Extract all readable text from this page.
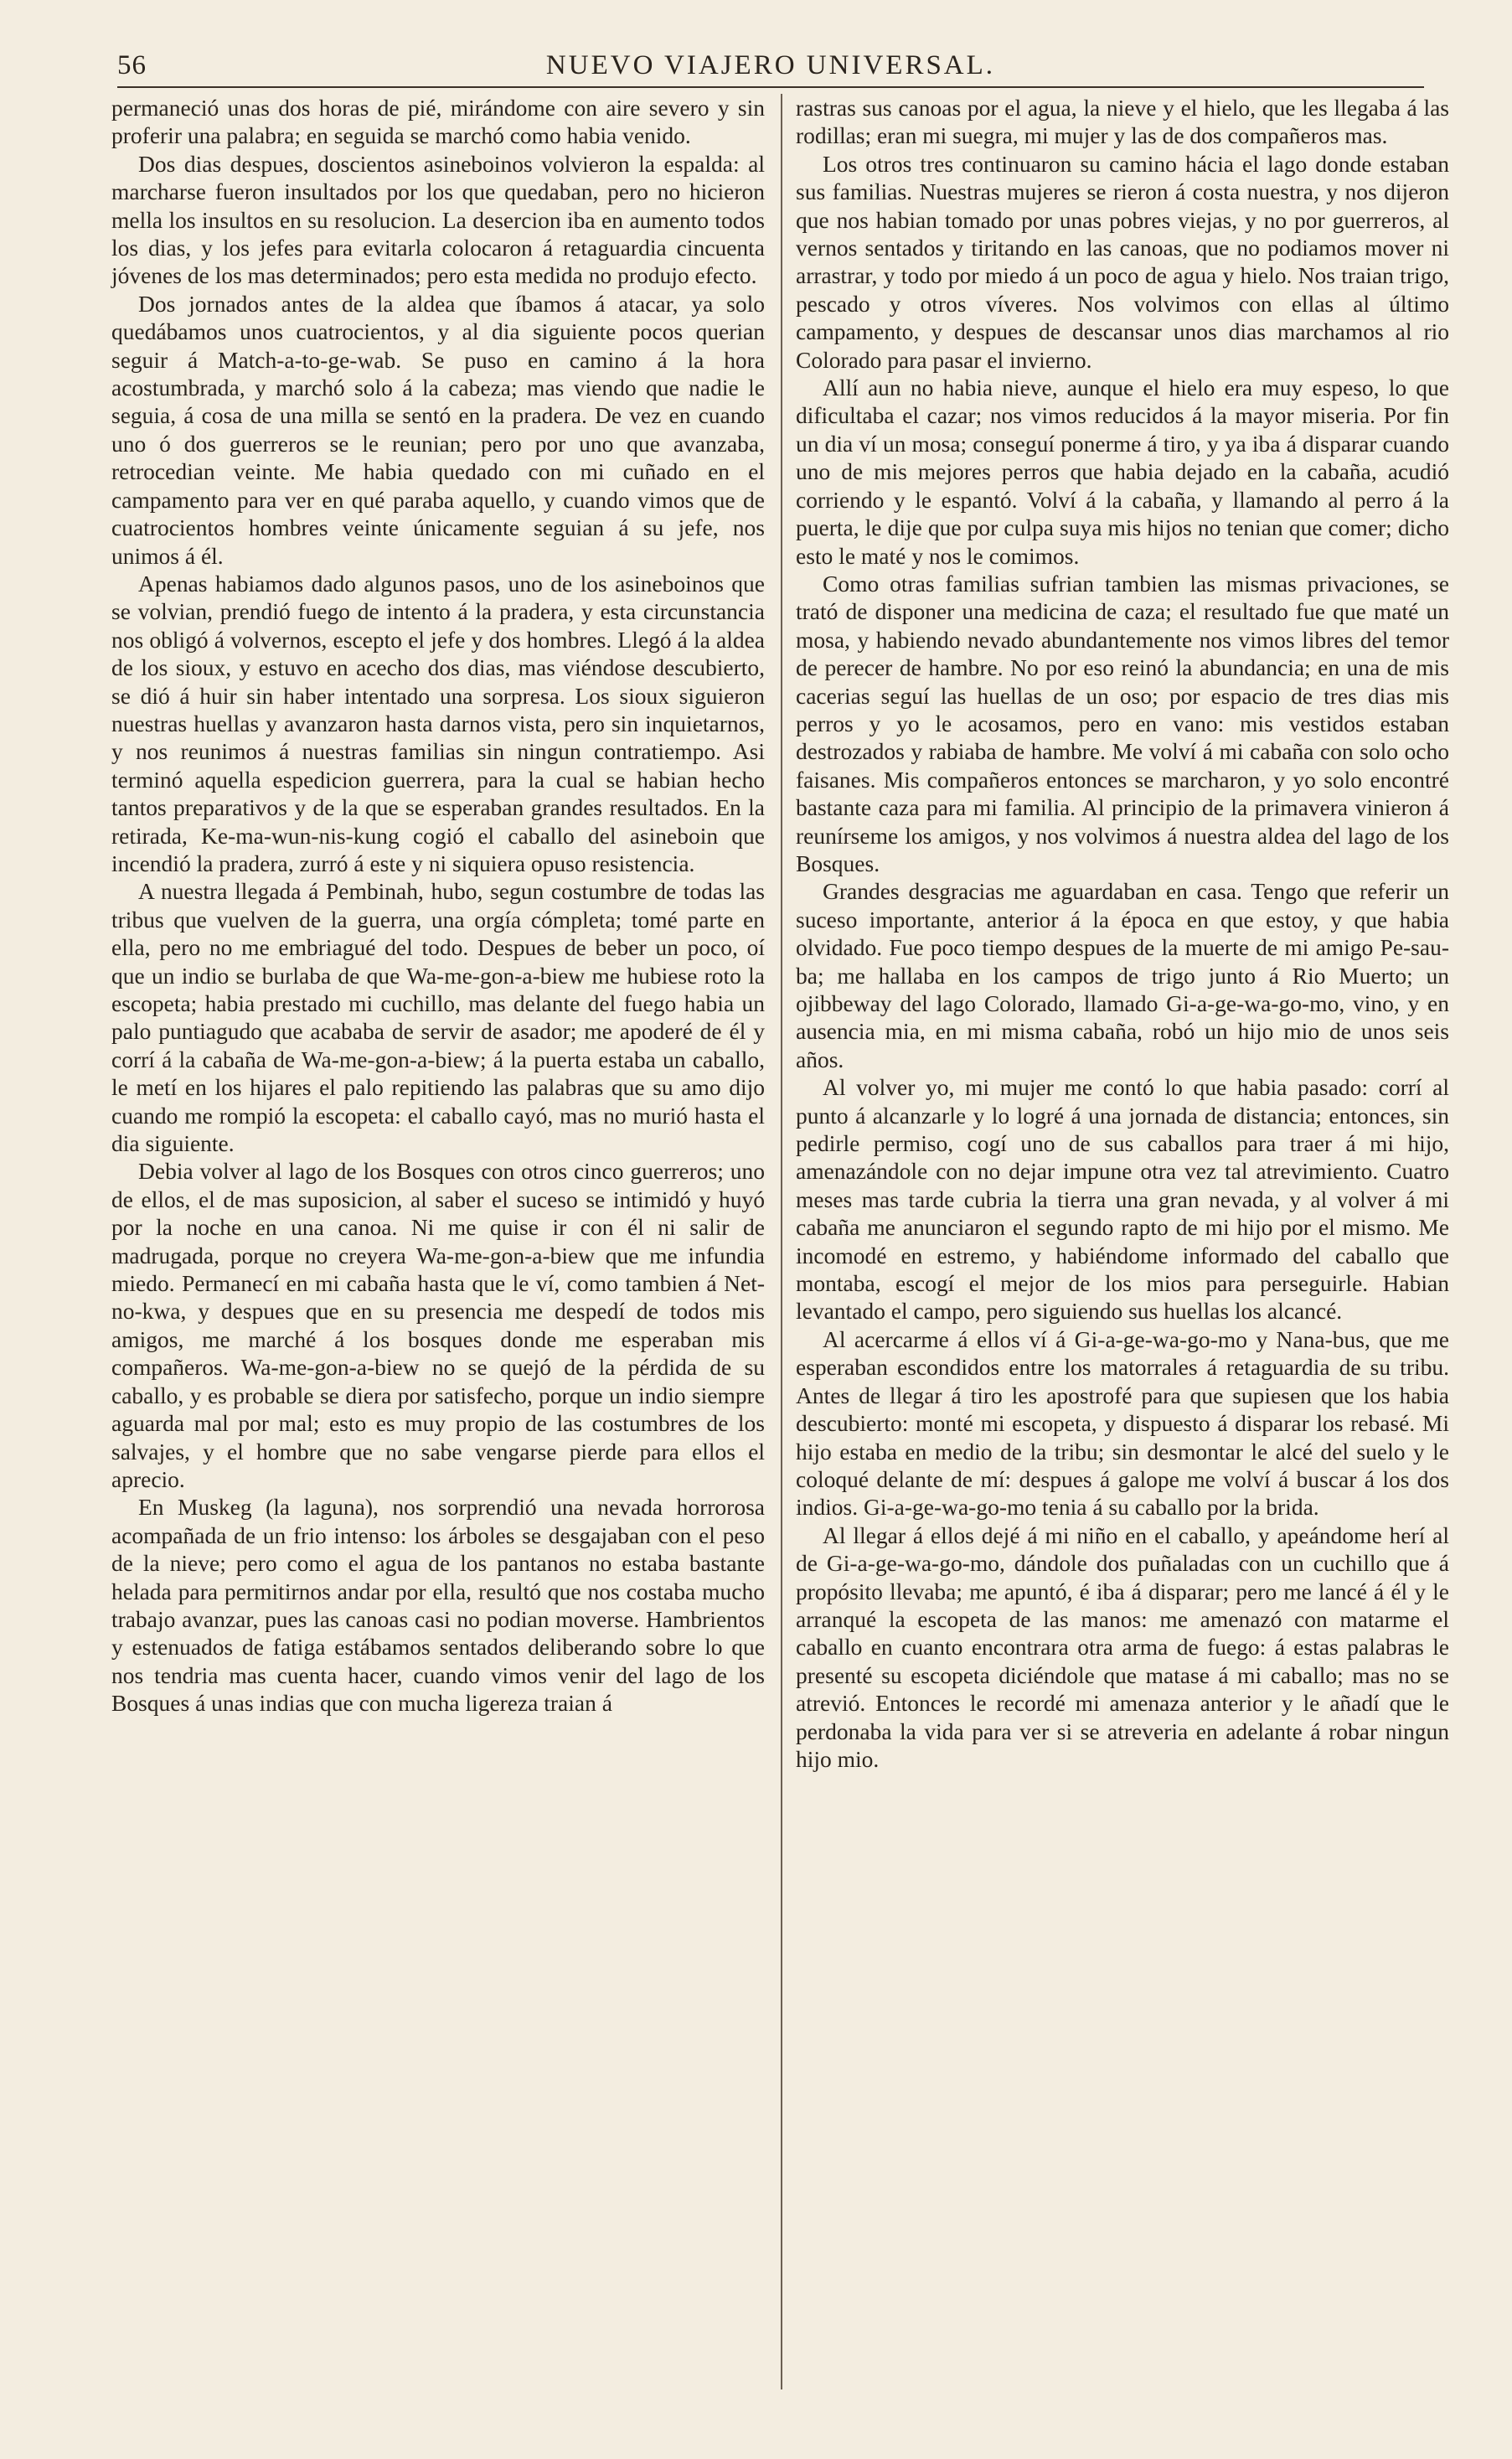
56	NUEVO VIAJERO UNIVERSAL.

permaneció unas dos horas de pié, mirándome con aire severo y sin proferir una palabra; en seguida se marchó como habia venido.

Dos dias despues, doscientos asineboinos volvieron la espalda: al marcharse fueron insultados por los que quedaban, pero no hicieron mella los insultos en su resolucion. La desercion iba en aumento todos los dias, y los jefes para evitarla colocaron á retaguardia cincuenta jóvenes de los mas determinados; pero esta medida no produjo efecto.

Dos jornados antes de la aldea que íbamos á atacar, ya solo quedábamos unos cuatrocientos, y al dia siguiente pocos querian seguir á Match-a-to-ge-wab. Se puso en camino á la hora acostumbrada, y marchó solo á la cabeza; mas viendo que nadie le seguia, á cosa de una milla se sentó en la pradera. De vez en cuando uno ó dos guerreros se le reunian; pero por uno que avanzaba, retrocedian veinte. Me habia quedado con mi cuñado en el campamento para ver en qué paraba aquello, y cuando vimos que de cuatrocientos hombres veinte únicamente seguian á su jefe, nos unimos á él.

Apenas habiamos dado algunos pasos, uno de los asineboinos que se volvian, prendió fuego de intento á la pradera, y esta circunstancia nos obligó á volvernos, escepto el jefe y dos hombres. Llegó á la aldea de los sioux, y estuvo en acecho dos dias, mas viéndose descubierto, se dió á huir sin haber intentado una sorpresa. Los sioux siguieron nuestras huellas y avanzaron hasta darnos vista, pero sin inquietarnos, y nos reunimos á nuestras familias sin ningun contratiempo. Asi terminó aquella espedicion guerrera, para la cual se habian hecho tantos preparativos y de la que se esperaban grandes resultados. En la retirada, Ke-ma-wun-nis-kung cogió el caballo del asineboin que incendió la pradera, zurró á este y ni siquiera opuso resistencia.

A nuestra llegada á Pembinah, hubo, segun costumbre de todas las tribus que vuelven de la guerra, una orgía cómpleta; tomé parte en ella, pero no me embriagué del todo. Despues de beber un poco, oí que un indio se burlaba de que Wa-me-gon-a-biew me hubiese roto la escopeta; habia prestado mi cuchillo, mas delante del fuego habia un palo puntiagudo que acababa de servir de asador; me apoderé de él y corrí á la cabaña de Wa-me-gon-a-biew; á la puerta estaba un caballo, le metí en los hijares el palo repitiendo las palabras que su amo dijo cuando me rompió la escopeta: el caballo cayó, mas no murió hasta el dia siguiente.

Debia volver al lago de los Bosques con otros cinco guerreros; uno de ellos, el de mas suposicion, al saber el suceso se intimidó y huyó por la noche en una canoa. Ni me quise ir con él ni salir de madrugada, porque no creyera Wa-me-gon-a-biew que me infundia miedo. Permanecí en mi cabaña hasta que le ví, como tambien á Net-no-kwa, y despues que en su presencia me despedí de todos mis amigos, me marché á los bosques donde me esperaban mis compañeros. Wa-me-gon-a-biew no se quejó de la pérdida de su caballo, y es probable se diera por satisfecho, porque un indio siempre aguarda mal por mal; esto es muy propio de las costumbres de los salvajes, y el hombre que no sabe vengarse pierde para ellos el aprecio.

En Muskeg (la laguna), nos sorprendió una nevada horrorosa acompañada de un frio intenso: los árboles se desgajaban con el peso de la nieve; pero como el agua de los pantanos no estaba bastante helada para permitirnos andar por ella, resultó que nos costaba mucho trabajo avanzar, pues las canoas casi no podian moverse. Hambrientos y estenuados de fatiga estábamos sentados deliberando sobre lo que nos tendria mas cuenta hacer, cuando vimos venir del lago de los Bosques á unas indias que con mucha ligereza traian á

rastras sus canoas por el agua, la nieve y el hielo, que les llegaba á las rodillas; eran mi suegra, mi mujer y las de dos compañeros mas.

Los otros tres continuaron su camino hácia el lago donde estaban sus familias. Nuestras mujeres se rieron á costa nuestra, y nos dijeron que nos habian tomado por unas pobres viejas, y no por guerreros, al vernos sentados y tiritando en las canoas, que no podiamos mover ni arrastrar, y todo por miedo á un poco de agua y hielo. Nos traian trigo, pescado y otros víveres. Nos volvimos con ellas al último campamento, y despues de descansar unos dias marchamos al rio Colorado para pasar el invierno.

Allí aun no habia nieve, aunque el hielo era muy espeso, lo que dificultaba el cazar; nos vimos reducidos á la mayor miseria. Por fin un dia ví un mosa; conseguí ponerme á tiro, y ya iba á disparar cuando uno de mis mejores perros que habia dejado en la cabaña, acudió corriendo y le espantó. Volví á la cabaña, y llamando al perro á la puerta, le dije que por culpa suya mis hijos no tenian que comer; dicho esto le maté y nos le comimos.

Como otras familias sufrian tambien las mismas privaciones, se trató de disponer una medicina de caza; el resultado fue que maté un mosa, y habiendo nevado abundantemente nos vimos libres del temor de perecer de hambre. No por eso reinó la abundancia; en una de mis cacerias seguí las huellas de un oso; por espacio de tres dias mis perros y yo le acosamos, pero en vano: mis vestidos estaban destrozados y rabiaba de hambre. Me volví á mi cabaña con solo ocho faisanes. Mis compañeros entonces se marcharon, y yo solo encontré bastante caza para mi familia. Al principio de la primavera vinieron á reunírseme los amigos, y nos volvimos á nuestra aldea del lago de los Bosques.

Grandes desgracias me aguardaban en casa. Tengo que referir un suceso importante, anterior á la época en que estoy, y que habia olvidado. Fue poco tiempo despues de la muerte de mi amigo Pe-sau-ba; me hallaba en los campos de trigo junto á Rio Muerto; un ojibbeway del lago Colorado, llamado Gi-a-ge-wa-go-mo, vino, y en ausencia mia, en mi misma cabaña, robó un hijo mio de unos seis años.

Al volver yo, mi mujer me contó lo que habia pasado: corrí al punto á alcanzarle y lo logré á una jornada de distancia; entonces, sin pedirle permiso, cogí uno de sus caballos para traer á mi hijo, amenazándole con no dejar impune otra vez tal atrevimiento. Cuatro meses mas tarde cubria la tierra una gran nevada, y al volver á mi cabaña me anunciaron el segundo rapto de mi hijo por el mismo. Me incomodé en estremo, y habiéndome informado del caballo que montaba, escogí el mejor de los mios para perseguirle. Habian levantado el campo, pero siguiendo sus huellas los alcancé.

Al acercarme á ellos ví á Gi-a-ge-wa-go-mo y Nana-bus, que me esperaban escondidos entre los matorrales á retaguardia de su tribu. Antes de llegar á tiro les apostrofé para que supiesen que los habia descubierto: monté mi escopeta, y dispuesto á disparar los rebasé. Mi hijo estaba en medio de la tribu; sin desmontar le alcé del suelo y le coloqué delante de mí: despues á galope me volví á buscar á los dos indios. Gi-a-ge-wa-go-mo tenia á su caballo por la brida.

Al llegar á ellos dejé á mi niño en el caballo, y apeándome herí al de Gi-a-ge-wa-go-mo, dándole dos puñaladas con un cuchillo que á propósito llevaba; me apuntó, é iba á disparar; pero me lancé á él y le arranqué la escopeta de las manos: me amenazó con matarme el caballo en cuanto encontrara otra arma de fuego: á estas palabras le presenté su escopeta diciéndole que matase á mi caballo; mas no se atrevió. Entonces le recordé mi amenaza anterior y le añadí que le perdonaba la vida para ver si se atreveria en adelante á robar ningun hijo mio.
